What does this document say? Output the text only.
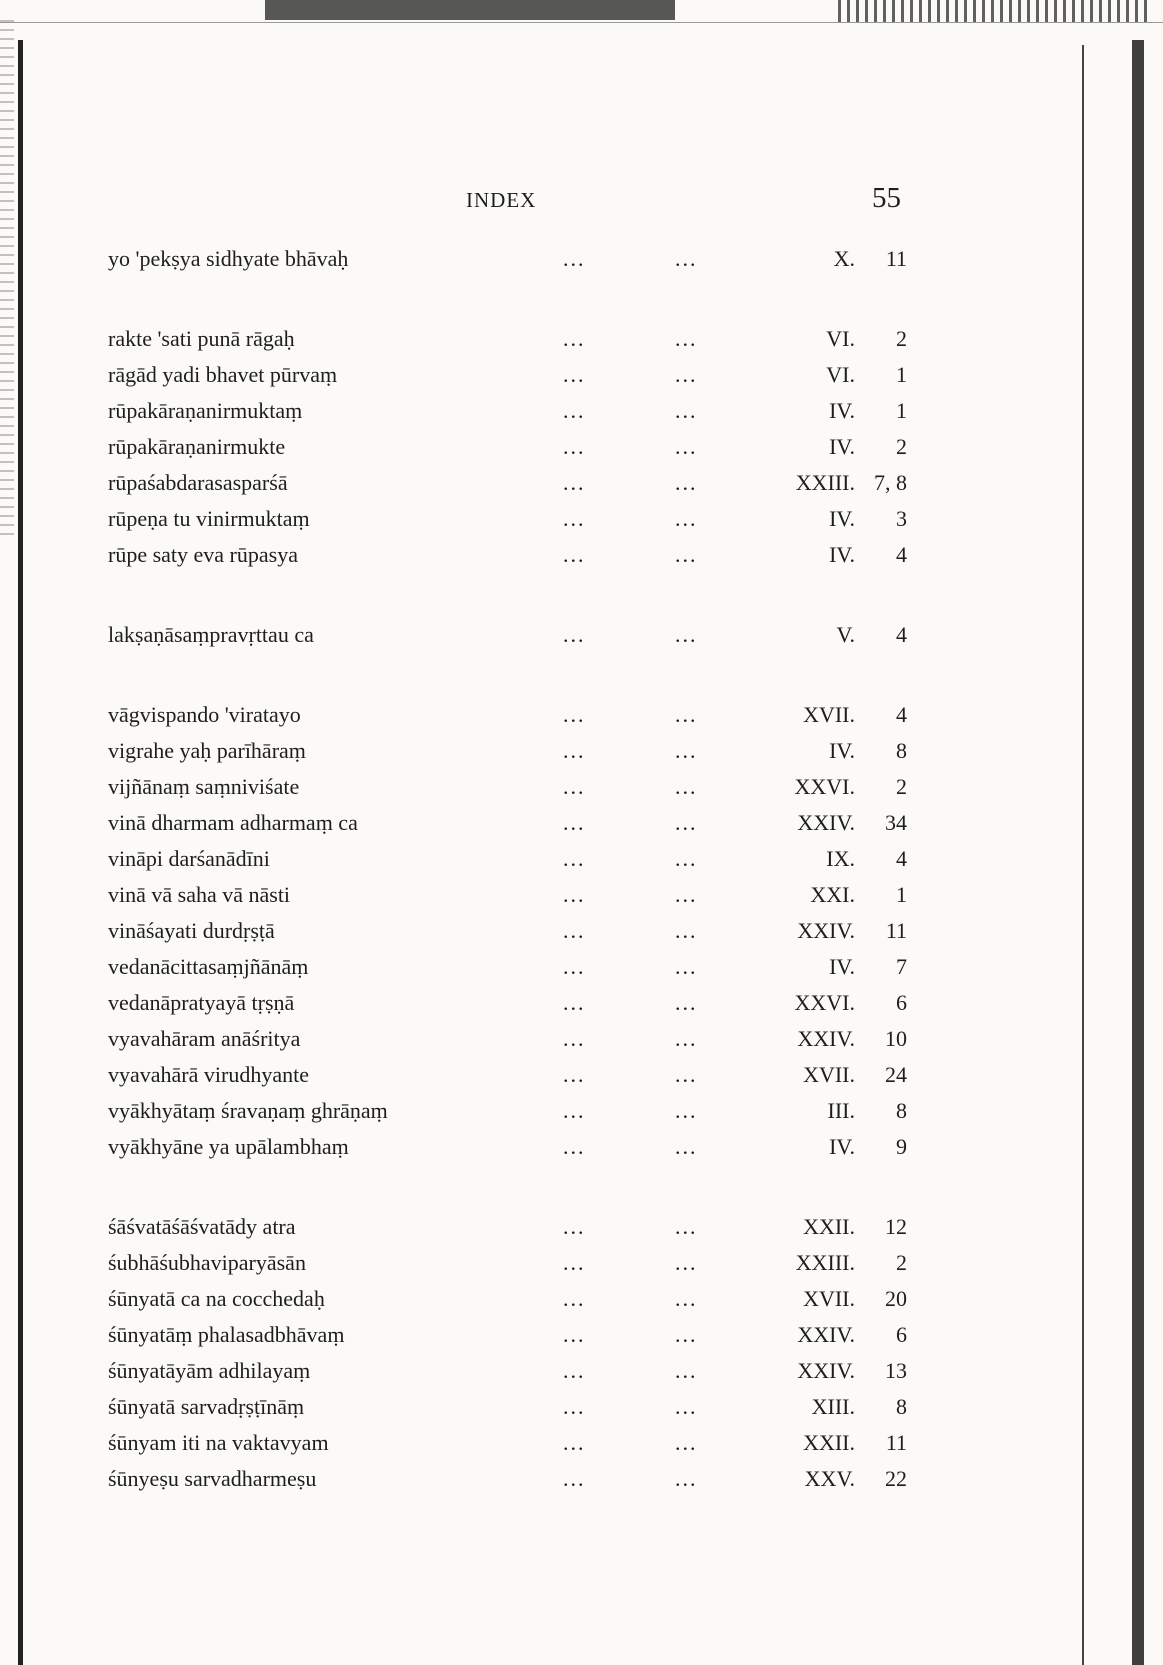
INDEX	55
yo 'pekṣya sidhyate bhāvaḥ	...	...	X. 11
rakte 'sati punā rāgaḥ	...	...	VI. 2
rāgād yadi bhavet pūrvaṃ	...	...	VI. 1
rūpakāraṇanirmuktaṃ	...	...	IV. 1
rūpakāraṇanirmukte	...	...	IV. 2
rūpaśabdarasasparśā	...	...	XXIII. 7, 8
rūpeṇa tu vinirmuktaṃ	...	...	IV. 3
rūpe saty eva rūpasya	...	...	IV. 4
lakṣaṇāsaṃpravṛttau ca	...	...	V. 4
vāgvispando 'viratayo	...	...	XVII. 4
vigrahe yaḥ parīhāraṃ	...	...	IV. 8
vijñānaṃ saṃniviśate	...	...	XXVI. 2
vinā dharmam adharmaṃ ca	...	...	XXIV. 34
vināpi darśanādīni	...	...	IX. 4
vinā vā saha vā nāsti	...	...	XXI. 1
vināśayati durdṛṣṭā	...	...	XXIV. 11
vedanācittasaṃjñānāṃ	...	...	IV. 7
vedanāpratyayā tṛṣṇā	...	...	XXVI. 6
vyavahāram anāśritya	...	...	XXIV. 10
vyavahārā virudhyante	...	...	XVII. 24
vyākhyātaṃ śravaṇaṃ ghrāṇaṃ	...	...	III. 8
vyākhyāne ya upālambhaṃ	...	...	IV. 9
śāśvatāśāśvatādy atra	...	...	XXII. 12
śubhāśubhaviparyāsān	...	...	XXIII. 2
śūnyatā ca na cocchedaḥ	...	...	XVII. 20
śūnyatāṃ phalasadbhāvaṃ	...	...	XXIV. 6
śūnyatāyām adhilayaṃ	...	...	XXIV. 13
śūnyatā sarvadṛṣṭīnāṃ	...	...	XIII. 8
śūnyam iti na vaktavyam	...	...	XXII. 11
śūnyeṣu sarvadharmeṣu	...	...	XXV. 22
